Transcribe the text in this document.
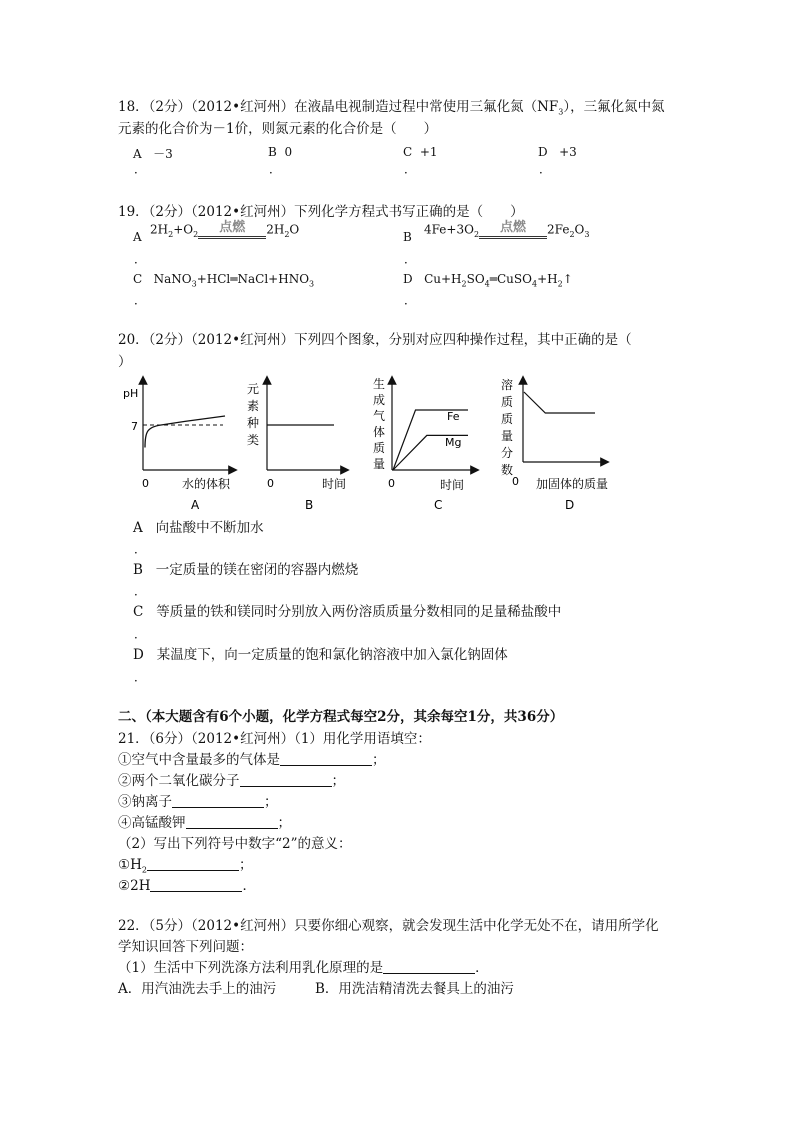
18．（2分）（2012•红河州）在液晶电视制造过程中常使用三氟化氮$(NF_3)$，三氟化氮中氮
元素的化合价为－1价，则氮元素的化合价是（　　）
A －3
．
B 0
．
C +1
．
D +3
．
19．（2分）（2012•红河州）下列化学方程式书写正确的是（　　）
A
$2H_2+O_2$	点燃	$2H_2O$
．
B
$4Fe+3O_2$	点燃	$2Fe_2O_3$
．
C $NaNO_3+HCl═NaCl+HNO_3$
．
D $Cu+H_2SO_4═CuSO_4+H_2↑$
．
20．（2分）（2012•红河州）下列四个图象，分别对应四种操作过程，其中正确的是（
）
pH
7
0	水的体积
A
元 素 种 类
0	时间
B
Fe
Mg
生 成 气 体 质 量
0	时间
C
溶 质 质 量 分 数
0 加固体的质量
D
A 向盐酸中不断加水
．
B 一定质量的镁在密闭的容器内燃烧
．
C 等质量的铁和镁同时分别放入两份溶质质量分数相同的足量稀盐酸中
．
D 某温度下，向一定质量的饱和氯化钠溶液中加入氯化钠固体
．
二、（本大题含有6个小题，化学方程式每空2分，其余每空1分，共36分）
21．（6分）（2012•红河州）（1）用化学用语填空：
①空气中含量最多的气体是	；
②两个二氧化碳分子	；
③钠离子	；
④高锰酸钾	；
（2）写出下列符号中数字“2”的意义：
$①H_2$	；
②2H	．
22．（5分）（2012•红河州）只要你细心观察，就会发现生活中化学无处不在，请用所学化
学知识回答下列问题：
（1）生活中下列洗涤方法利用乳化原理的是	．
A．用汽油洗去手上的油污	B．用洗洁精清洗去餐具上的油污
